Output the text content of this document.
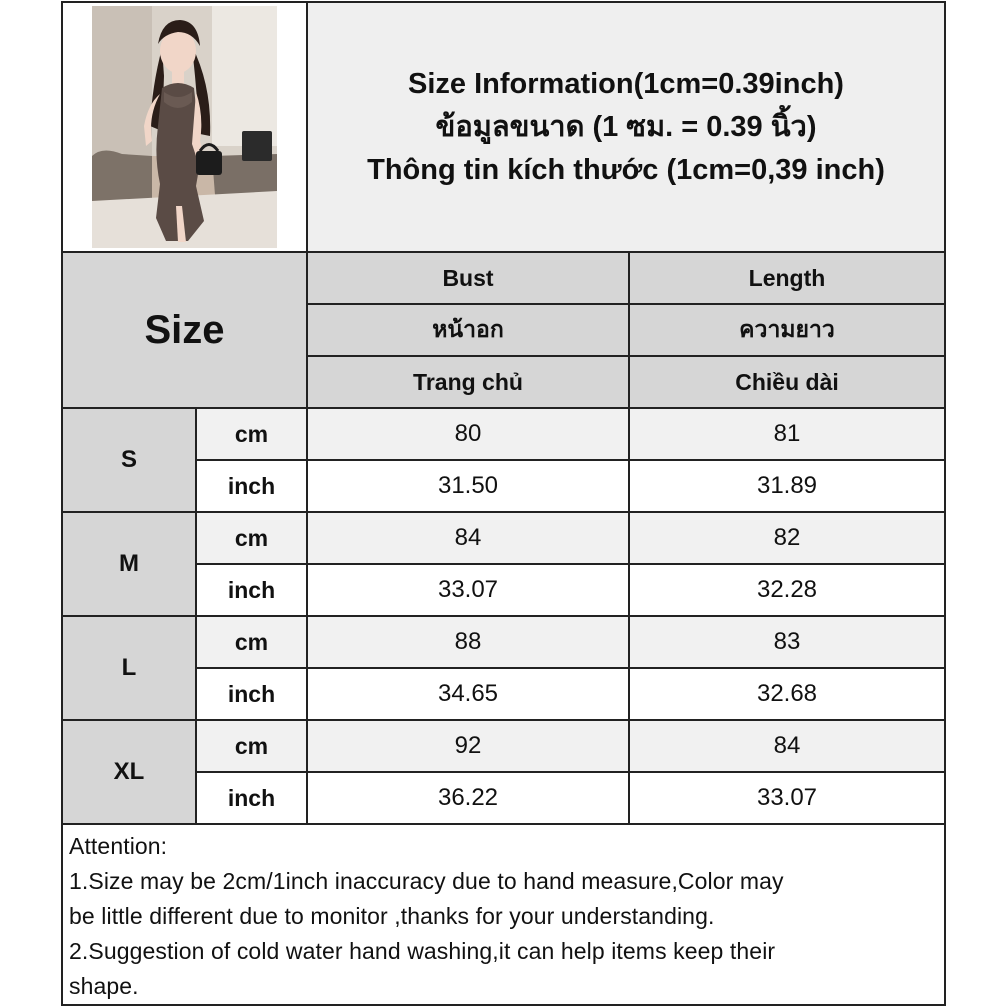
Size Information(1cm=0.39inch)
ข้อมูลขนาด (1 ซม. = 0.39 นิ้ว)
Thông tin kích thước (1cm=0,39 inch)	

Size		Bust	Length
		หน้าอก	ความยาว
		Trang chủ	Chiều dài
S	cm	80	81
	inch	31.50	31.89
M	cm	84	82
	inch	33.07	32.28
L	cm	88	83
	inch	34.65	32.68
XL	cm	92	84
	inch	36.22	33.07

Attention:
1.Size may be 2cm/1inch inaccuracy due to hand measure,Color may
be little different due to monitor ,thanks for your understanding.
2.Suggestion of cold water hand washing,it can help items keep their
shape.			
